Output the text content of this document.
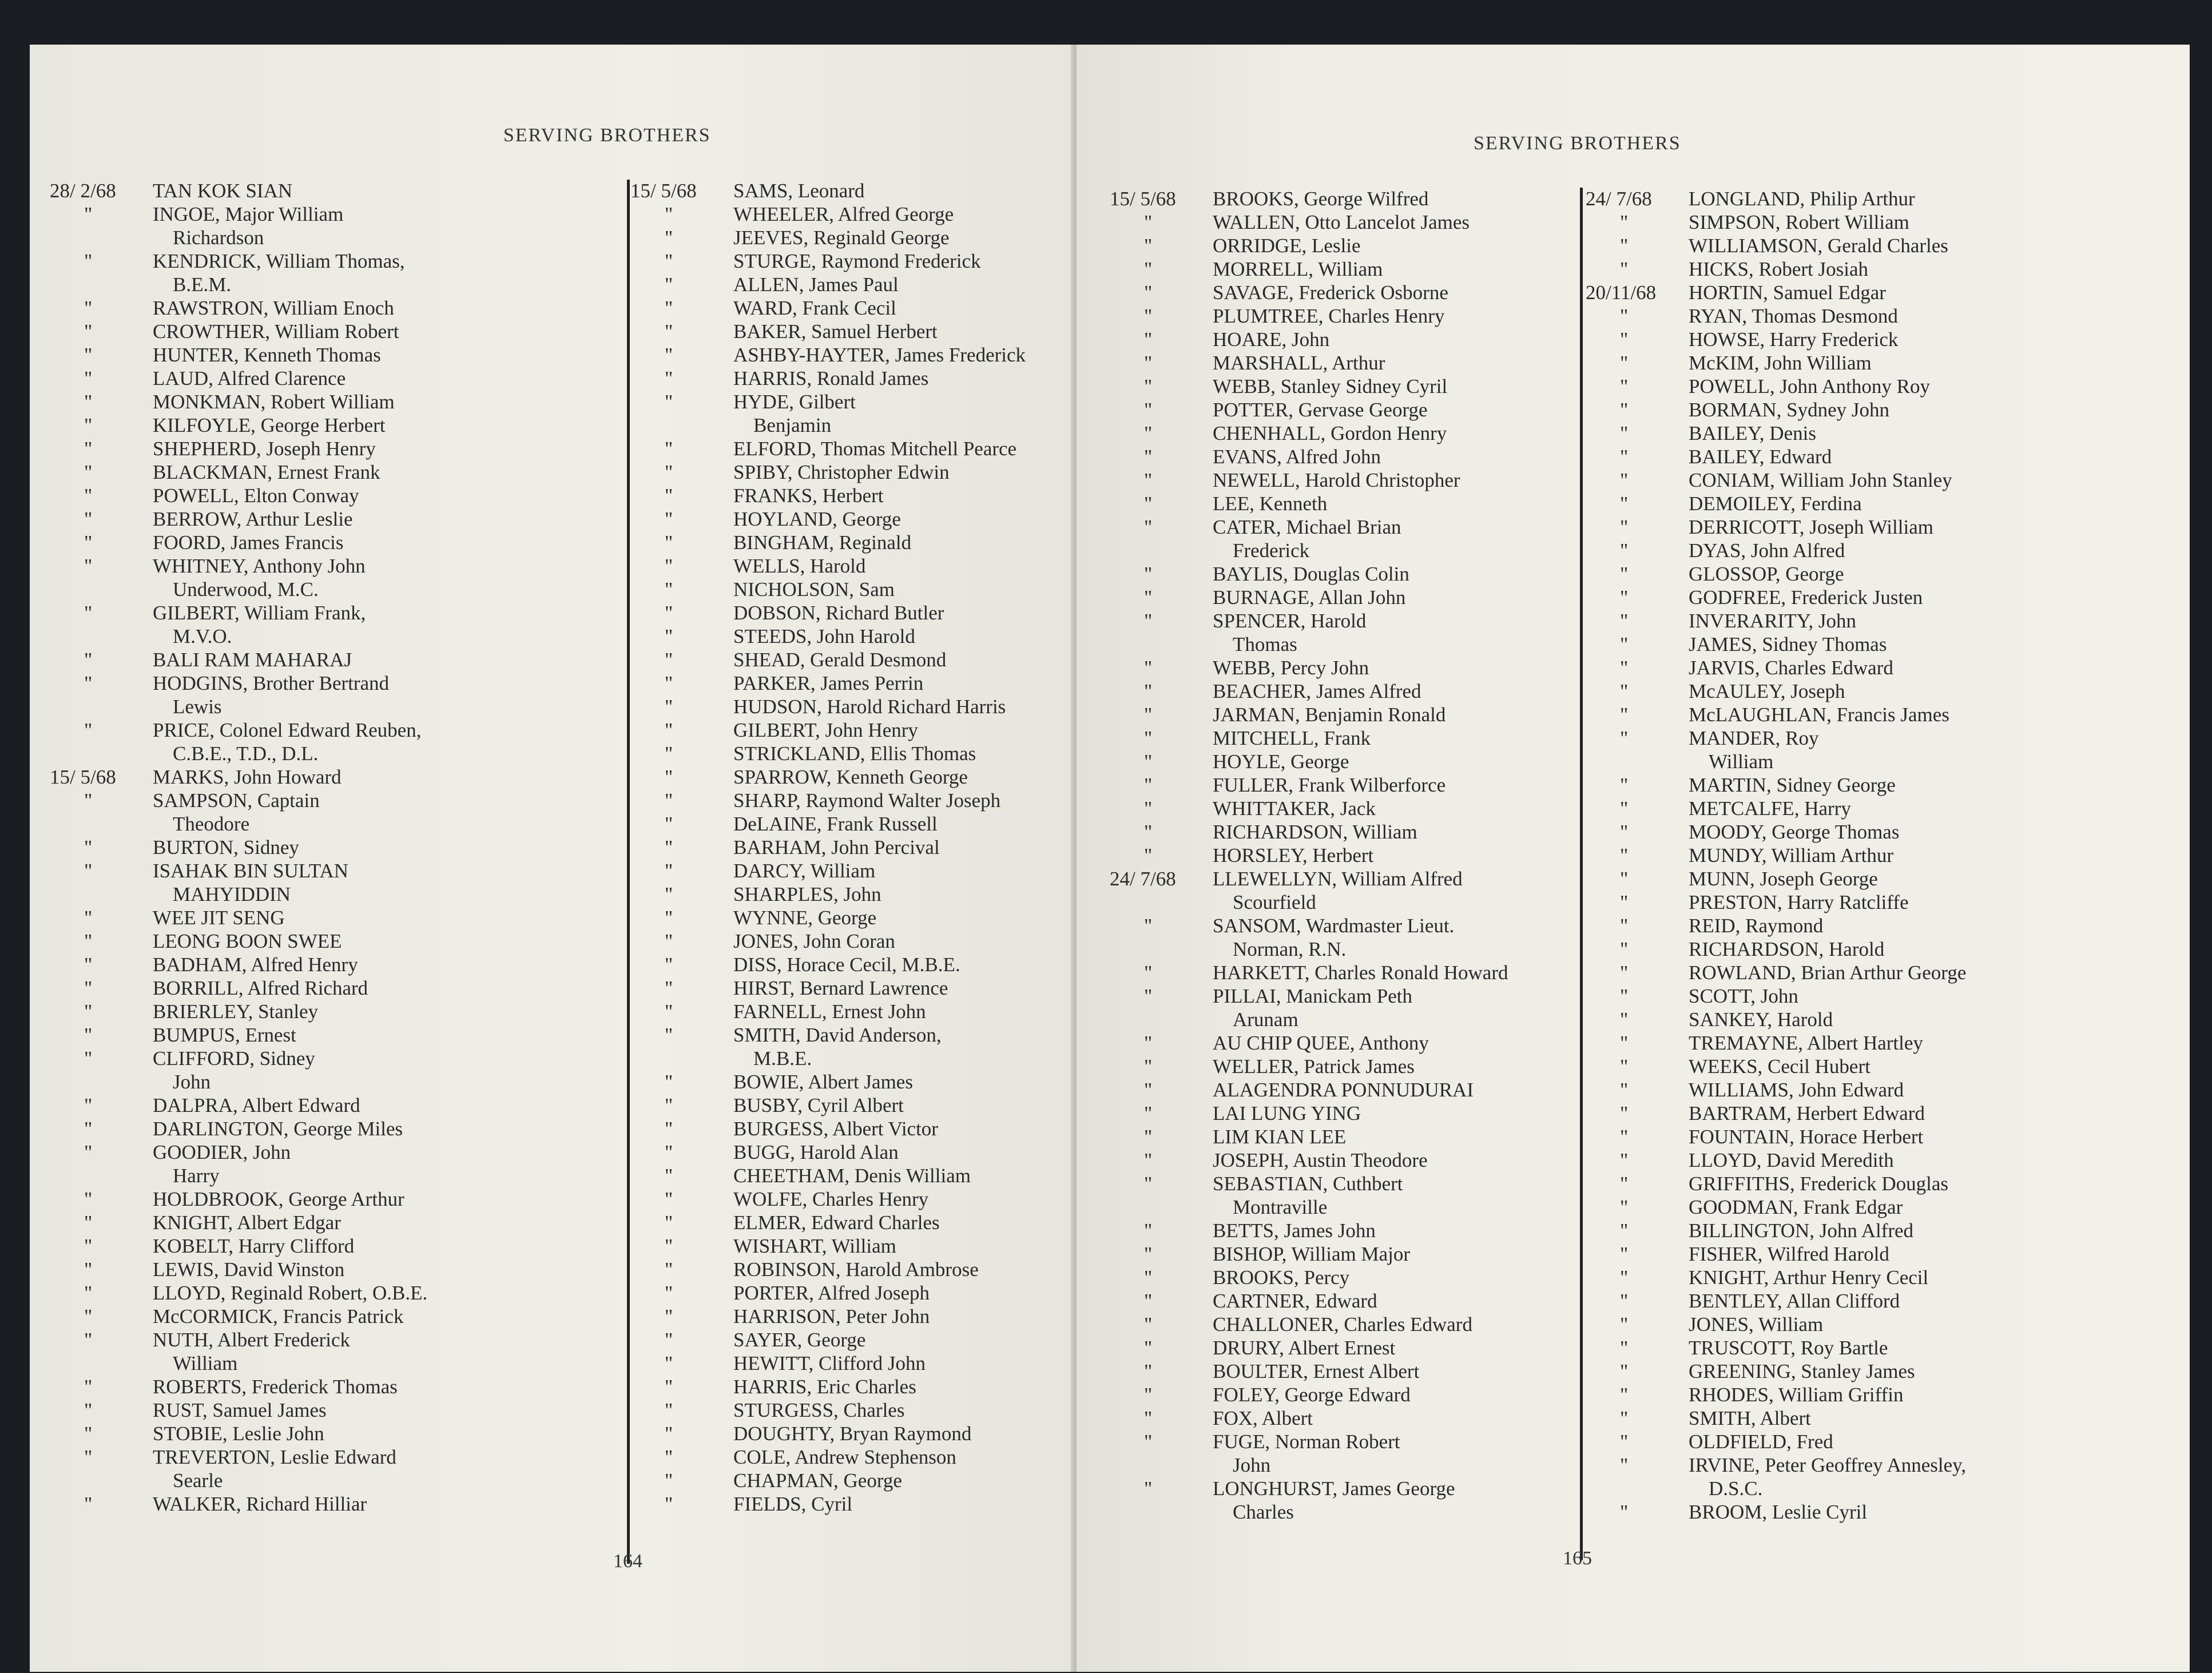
SERVING BROTHERS
28/ 2/68	TAN KOK SIAN
"	INGOE, Major William
Richardson
"	KENDRICK, William Thomas,
B.E.M.
"	RAWSTRON, William Enoch
"	CROWTHER, William Robert
"	HUNTER, Kenneth Thomas
"	LAUD, Alfred Clarence
"	MONKMAN, Robert William
"	KILFOYLE, George Herbert
"	SHEPHERD, Joseph Henry
"	BLACKMAN, Ernest Frank
"	POWELL, Elton Conway
"	BERROW, Arthur Leslie
"	FOORD, James Francis
"	WHITNEY, Anthony John
Underwood, M.C.
"	GILBERT, William Frank,
M.V.O.
"	BALI RAM MAHARAJ
"	HODGINS, Brother Bertrand
Lewis
"	PRICE, Colonel Edward Reuben,
C.B.E., T.D., D.L.
15/ 5/68	MARKS, John Howard
"	SAMPSON, Captain
Theodore
"	BURTON, Sidney
"	ISAHAK BIN SULTAN
MAHYIDDIN
"	WEE JIT SENG
"	LEONG BOON SWEE
"	BADHAM, Alfred Henry
"	BORRILL, Alfred Richard
"	BRIERLEY, Stanley
"	BUMPUS, Ernest
"	CLIFFORD, Sidney
John
"	DALPRA, Albert Edward
"	DARLINGTON, George Miles
"	GOODIER, John
Harry
"	HOLDBROOK, George Arthur
"	KNIGHT, Albert Edgar
"	KOBELT, Harry Clifford
"	LEWIS, David Winston
"	LLOYD, Reginald Robert, O.B.E.
"	McCORMICK, Francis Patrick
"	NUTH, Albert Frederick
William
"	ROBERTS, Frederick Thomas
"	RUST, Samuel James
"	STOBIE, Leslie John
"	TREVERTON, Leslie Edward
Searle
"	WALKER, Richard Hilliar
15/ 5/68	SAMS, Leonard
"	WHEELER, Alfred George
"	JEEVES, Reginald George
"	STURGE, Raymond Frederick
"	ALLEN, James Paul
"	WARD, Frank Cecil
"	BAKER, Samuel Herbert
"	ASHBY-HAYTER, James Frederick
"	HARRIS, Ronald James
"	HYDE, Gilbert
Benjamin
"	ELFORD, Thomas Mitchell Pearce
"	SPIBY, Christopher Edwin
"	FRANKS, Herbert
"	HOYLAND, George
"	BINGHAM, Reginald
"	WELLS, Harold
"	NICHOLSON, Sam
"	DOBSON, Richard Butler
"	STEEDS, John Harold
"	SHEAD, Gerald Desmond
"	PARKER, James Perrin
"	HUDSON, Harold Richard Harris
"	GILBERT, John Henry
"	STRICKLAND, Ellis Thomas
"	SPARROW, Kenneth George
"	SHARP, Raymond Walter Joseph
"	DeLAINE, Frank Russell
"	BARHAM, John Percival
"	DARCY, William
"	SHARPLES, John
"	WYNNE, George
"	JONES, John Coran
"	DISS, Horace Cecil, M.B.E.
"	HIRST, Bernard Lawrence
"	FARNELL, Ernest John
"	SMITH, David Anderson,
M.B.E.
"	BOWIE, Albert James
"	BUSBY, Cyril Albert
"	BURGESS, Albert Victor
"	BUGG, Harold Alan
"	CHEETHAM, Denis William
"	WOLFE, Charles Henry
"	ELMER, Edward Charles
"	WISHART, William
"	ROBINSON, Harold Ambrose
"	PORTER, Alfred Joseph
"	HARRISON, Peter John
"	SAYER, George
"	HEWITT, Clifford John
"	HARRIS, Eric Charles
"	STURGESS, Charles
"	DOUGHTY, Bryan Raymond
"	COLE, Andrew Stephenson
"	CHAPMAN, George
"	FIELDS, Cyril
164
SERVING BROTHERS
15/ 5/68	BROOKS, George Wilfred
"	WALLEN, Otto Lancelot James
"	ORRIDGE, Leslie
"	MORRELL, William
"	SAVAGE, Frederick Osborne
"	PLUMTREE, Charles Henry
"	HOARE, John
"	MARSHALL, Arthur
"	WEBB, Stanley Sidney Cyril
"	POTTER, Gervase George
"	CHENHALL, Gordon Henry
"	EVANS, Alfred John
"	NEWELL, Harold Christopher
"	LEE, Kenneth
"	CATER, Michael Brian
Frederick
"	BAYLIS, Douglas Colin
"	BURNAGE, Allan John
"	SPENCER, Harold
Thomas
"	WEBB, Percy John
"	BEACHER, James Alfred
"	JARMAN, Benjamin Ronald
"	MITCHELL, Frank
"	HOYLE, George
"	FULLER, Frank Wilberforce
"	WHITTAKER, Jack
"	RICHARDSON, William
"	HORSLEY, Herbert
24/ 7/68	LLEWELLYN, William Alfred
Scourfield
"	SANSOM, Wardmaster Lieut.
Norman, R.N.
"	HARKETT, Charles Ronald Howard
"	PILLAI, Manickam Peth
Arunam
"	AU CHIP QUEE, Anthony
"	WELLER, Patrick James
"	ALAGENDRA PONNUDURAI
"	LAI LUNG YING
"	LIM KIAN LEE
"	JOSEPH, Austin Theodore
"	SEBASTIAN, Cuthbert
Montraville
"	BETTS, James John
"	BISHOP, William Major
"	BROOKS, Percy
"	CARTNER, Edward
"	CHALLONER, Charles Edward
"	DRURY, Albert Ernest
"	BOULTER, Ernest Albert
"	FOLEY, George Edward
"	FOX, Albert
"	FUGE, Norman Robert
John
"	LONGHURST, James George
Charles
24/ 7/68	LONGLAND, Philip Arthur
"	SIMPSON, Robert William
"	WILLIAMSON, Gerald Charles
"	HICKS, Robert Josiah
20/11/68	HORTIN, Samuel Edgar
"	RYAN, Thomas Desmond
"	HOWSE, Harry Frederick
"	McKIM, John William
"	POWELL, John Anthony Roy
"	BORMAN, Sydney John
"	BAILEY, Denis
"	BAILEY, Edward
"	CONIAM, William John Stanley
"	DEMOILEY, Ferdina
"	DERRICOTT, Joseph William
"	DYAS, John Alfred
"	GLOSSOP, George
"	GODFREE, Frederick Justen
"	INVERARITY, John
"	JAMES, Sidney Thomas
"	JARVIS, Charles Edward
"	McAULEY, Joseph
"	McLAUGHLAN, Francis James
"	MANDER, Roy
William
"	MARTIN, Sidney George
"	METCALFE, Harry
"	MOODY, George Thomas
"	MUNDY, William Arthur
"	MUNN, Joseph George
"	PRESTON, Harry Ratcliffe
"	REID, Raymond
"	RICHARDSON, Harold
"	ROWLAND, Brian Arthur George
"	SCOTT, John
"	SANKEY, Harold
"	TREMAYNE, Albert Hartley
"	WEEKS, Cecil Hubert
"	WILLIAMS, John Edward
"	BARTRAM, Herbert Edward
"	FOUNTAIN, Horace Herbert
"	LLOYD, David Meredith
"	GRIFFITHS, Frederick Douglas
"	GOODMAN, Frank Edgar
"	BILLINGTON, John Alfred
"	FISHER, Wilfred Harold
"	KNIGHT, Arthur Henry Cecil
"	BENTLEY, Allan Clifford
"	JONES, William
"	TRUSCOTT, Roy Bartle
"	GREENING, Stanley James
"	RHODES, William Griffin
"	SMITH, Albert
"	OLDFIELD, Fred
"	IRVINE, Peter Geoffrey Annesley,
D.S.C.
"	BROOM, Leslie Cyril
165
